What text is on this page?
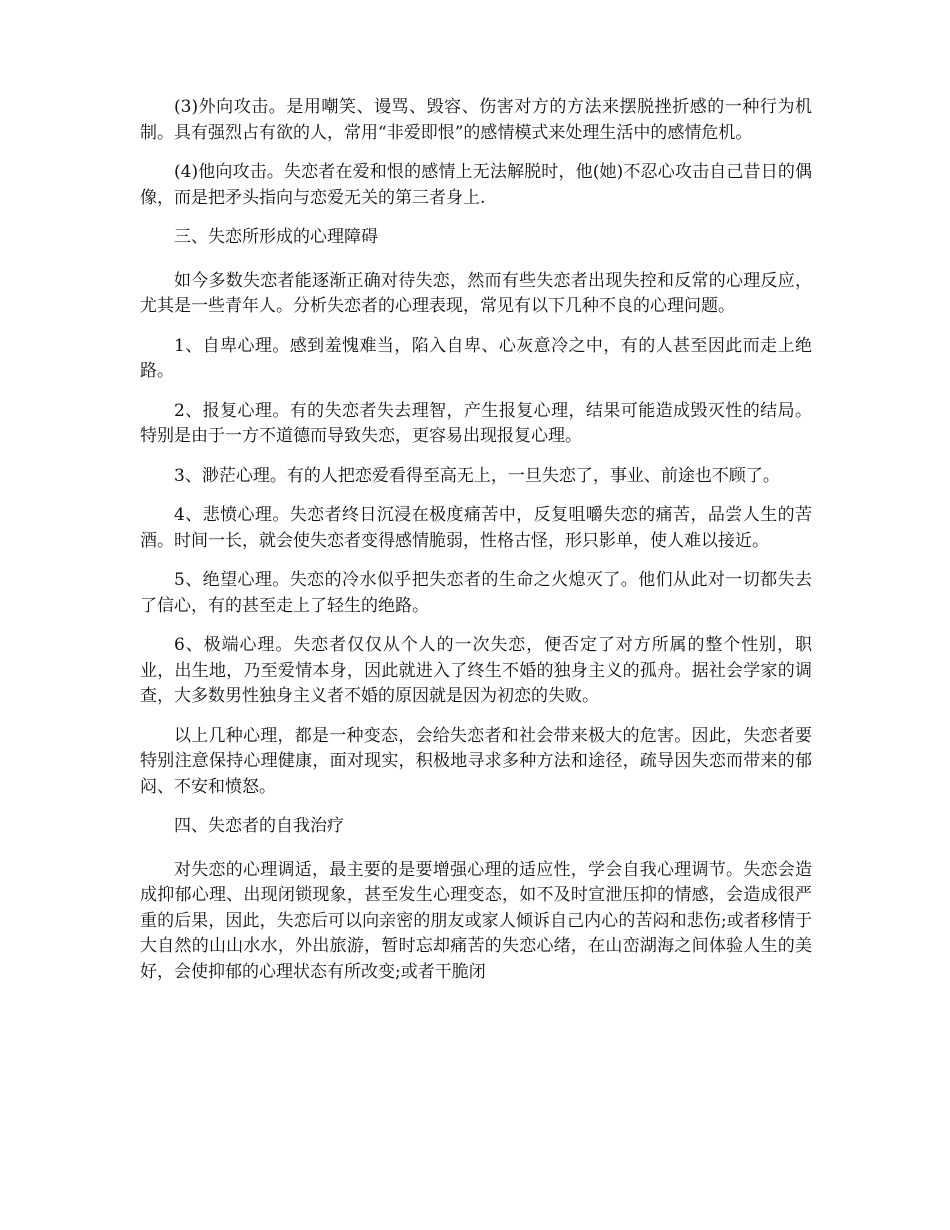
(3)外向攻击。是用嘲笑、谩骂、毁容、伤害对方的方法来摆脱挫折感的一种行为机制。具有强烈占有欲的人，常用“非爱即恨”的感情模式来处理生活中的感情危机。

(4)他向攻击。失恋者在爱和恨的感情上无法解脱时，他(她)不忍心攻击自己昔日的偶像，而是把矛头指向与恋爱无关的第三者身上.

三、失恋所形成的心理障碍

如今多数失恋者能逐渐正确对待失恋，然而有些失恋者出现失控和反常的心理反应，尤其是一些青年人。分析失恋者的心理表现，常见有以下几种不良的心理问题。

1、自卑心理。感到羞愧难当，陷入自卑、心灰意冷之中，有的人甚至因此而走上绝路。

2、报复心理。有的失恋者失去理智，产生报复心理，结果可能造成毁灭性的结局。特别是由于一方不道德而导致失恋，更容易出现报复心理。

3、渺茫心理。有的人把恋爱看得至高无上，一旦失恋了，事业、前途也不顾了。

4、悲愤心理。失恋者终日沉浸在极度痛苦中，反复咀嚼失恋的痛苦，品尝人生的苦酒。时间一长，就会使失恋者变得感情脆弱，性格古怪，形只影单，使人难以接近。

5、绝望心理。失恋的冷水似乎把失恋者的生命之火熄灭了。他们从此对一切都失去了信心，有的甚至走上了轻生的绝路。

6、极端心理。失恋者仅仅从个人的一次失恋，便否定了对方所属的整个性别，职业，出生地，乃至爱情本身，因此就进入了终生不婚的独身主义的孤舟。据社会学家的调查，大多数男性独身主义者不婚的原因就是因为初恋的失败。

以上几种心理，都是一种变态，会给失恋者和社会带来极大的危害。因此，失恋者要特别注意保持心理健康，面对现实，积极地寻求多种方法和途径，疏导因失恋而带来的郁闷、不安和愤怒。

四、失恋者的自我治疗

对失恋的心理调适，最主要的是要增强心理的适应性，学会自我心理调节。失恋会造成抑郁心理、出现闭锁现象，甚至发生心理变态，如不及时宣泄压抑的情感，会造成很严重的后果，因此，失恋后可以向亲密的朋友或家人倾诉自己内心的苦闷和悲伤;或者移情于大自然的山山水水，外出旅游，暂时忘却痛苦的失恋心绪，在山峦湖海之间体验人生的美好，会使抑郁的心理状态有所改变;或者干脆闭
